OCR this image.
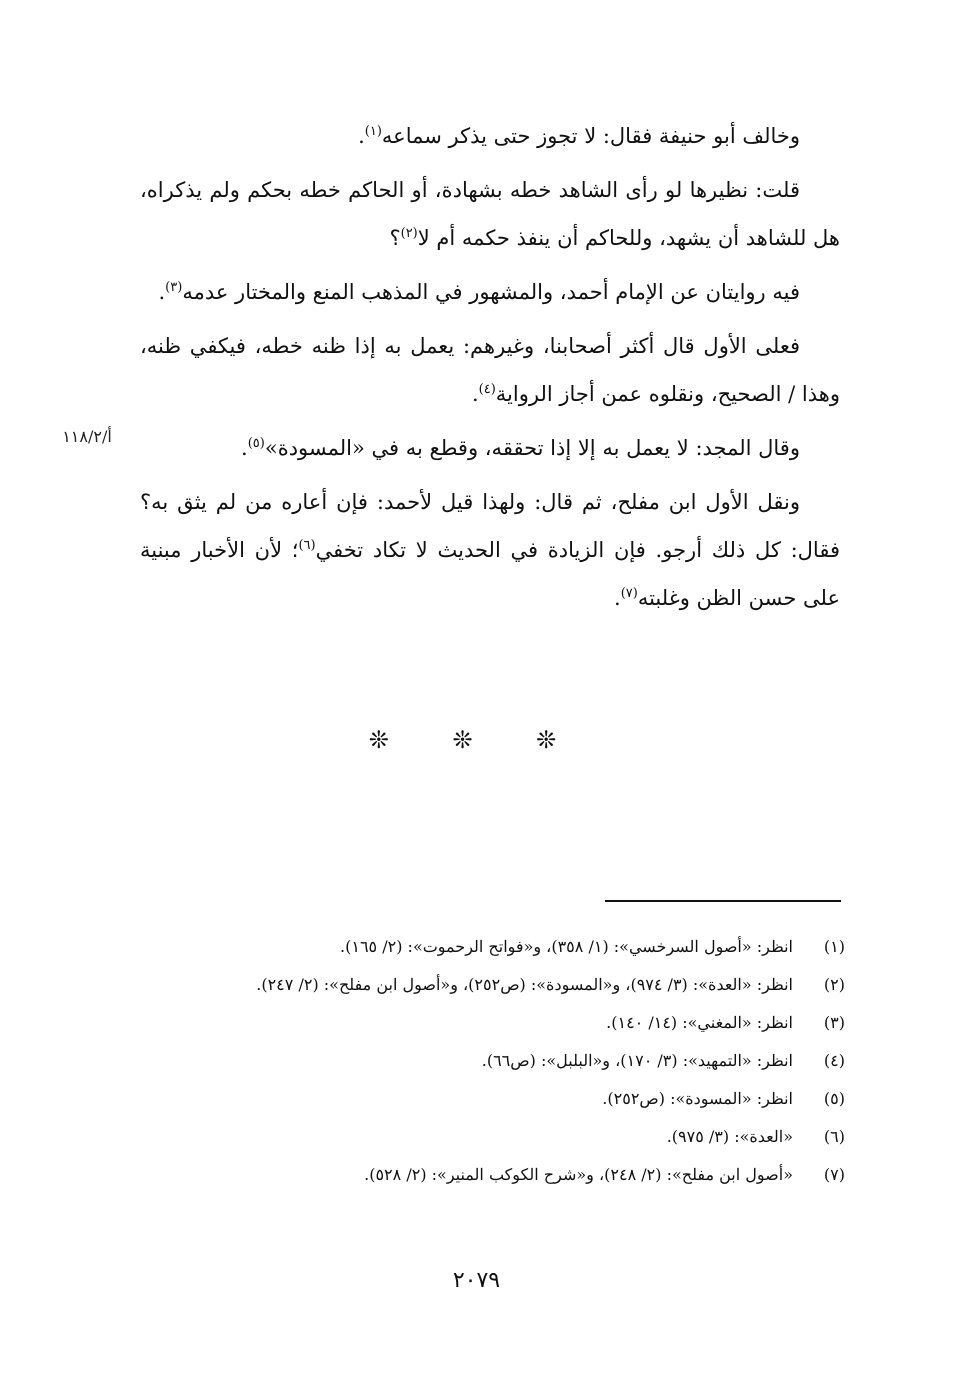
وخالف أبو حنيفة فقال: لا تجوز حتى يذكر سماعه$^{(١)}$.

قلت: نظيرها لو رأى الشاهد خطه بشهادة، أو الحاكم خطه بحكم ولم يذكراه، هل للشاهد أن يشهد، وللحاكم أن ينفذ حكمه أم لا$^{(٢)}$؟

فيه روايتان عن الإمام أحمد، والمشهور في المذهب المنع والمختار عدمه$^{(٣)}$.

فعلى الأول قال أكثر أصحابنا، وغيرهم: يعمل به إذا ظنه خطه، فيكفي ظنه، وهذا / الصحيح، ونقلوه عمن أجاز الرواية$^{(٤)}$.

وقال المجد: لا يعمل به إلا إذا تحققه، وقطع به في «المسودة»$^{(٥)}$.

ونقل الأول ابن مفلح، ثم قال: ولهذا قيل لأحمد: فإن أعاره من لم يثق به؟ فقال: كل ذلك أرجو. فإن الزيادة في الحديث لا تكاد تخفي$^{(٦)}$؛ لأن الأخبار مبنية على حسن الظن وغلبته$^{(٧)}$.

أ/١١٨/٢
❊ ❊ ❊
(١)
انظر: «أصول السرخسي»: (١/ ٣٥٨)، و«فواتح الرحموت»: (٢/ ١٦٥).
(٢)
انظر: «العدة»: (٣/ ٩٧٤)، و«المسودة»: (ص٢٥٢)، و«أصول ابن مفلح»: (٢/ ٢٤٧).
(٣)
انظر: «المغني»: (١٤/ ١٤٠).
(٤)
انظر: «التمهيد»: (٣/ ١٧٠)، و«البلبل»: (ص٦٦).
(٥)
انظر: «المسودة»: (ص٢٥٢).
(٦)
«العدة»: (٣/ ٩٧٥).
(٧)
«أصول ابن مفلح»: (٢/ ٢٤٨)، و«شرح الكوكب المنير»: (٢/ ٥٢٨).
٢٠٧٩
